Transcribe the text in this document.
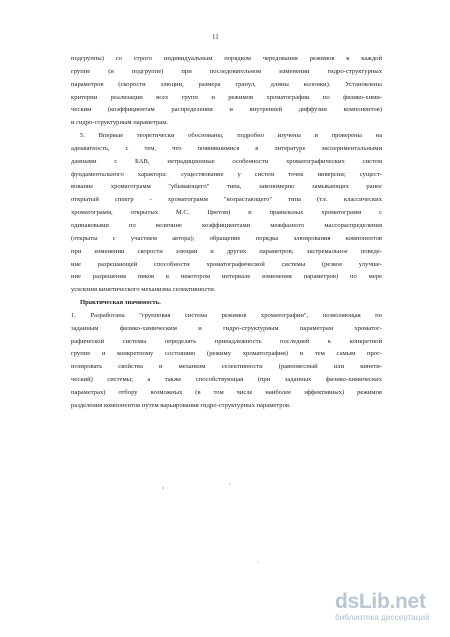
11
подгруппы) со строго индивидуальным порядком чередования режимов в каждой
группе (и подгруппе) при последовательном изменении гидро-структурных
параметров (скорости элюции, размера гранул, длины колонки). Установлены
критерии реализации всех групп и режимов хроматографии по физико-хими-
ческим (коэффициентам распределения и внутренней диффузии компонентов)
и гидро-структурным параметрам.
5. Впервые теоретически обоснованы, подробно изучены и проверены на
адекватность, с тем, что появившимися в литературе экспериментальными
данными с БАВ, нетрадиционные особенности хроматографических систем
фундаментального характера: существование у систем точек инверсии; сущест-
вование хроматограмм "убывающего" типа, закономерно замыкающих ранее
открытый спектр - хроматограмм "возрастающего" типа (т.е. классических
хроматограмм, открытых М.С. Цветом) и правильных хроматограмм с
одинаковыми по величине коэффициентами межфазного массораспределения
(открыты с участием автора); обращение порядка элюирования компонентов
при изменении скорости элюции и других параметров; экстремальное поведе-
ние разрешающей способности хроматографической системы (резкое улучше-
ние разрешения пиков в некотором интервале изменения параметров) по мере
усиления кинетического механизма селективности.
Практическая значимость.
1. Разработана "групповая система режимов хроматографии", позволяющая по
заданным физико-химическим и гидро-структурным параметрам хроматог-
рафической системы определять принадлежность последней к конкретной
группе и конкретному состоянию (режиму хроматографии) и тем самым прог-
нозировать свойства и механизм селективности (равновесный или кинети-
ческий) системы; а также способствующая (при заданных физико-химических
параметрах) отбору возможных (в том числе наиболее эффективных) режимов
разделения компонентов путем варьирования гидро-структурных параметров.
dsLib.net
библиотека диссертаций
